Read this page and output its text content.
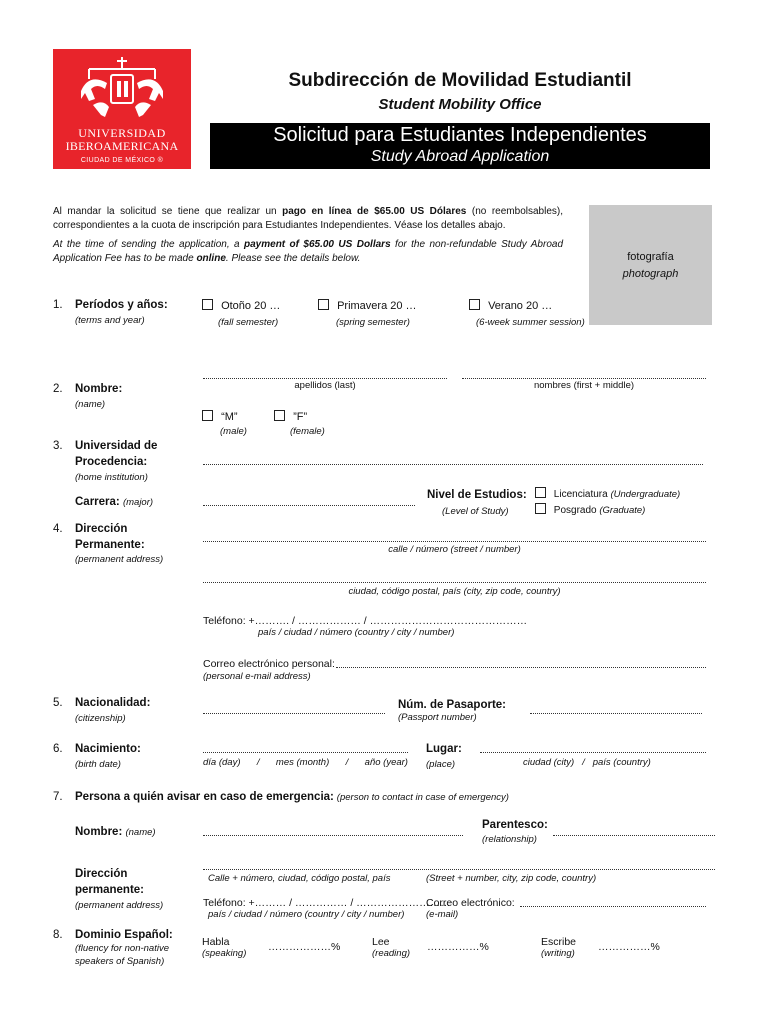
UNIVERSIDAD
IBEROAMERICANA
CIUDAD DE MÉXICO ®
Subdirección de Movilidad Estudiantil
Student Mobility Office
Solicitud para Estudiantes Independientes
Study Abroad Application
Al mandar la solicitud se tiene que realizar un pago en línea de $65.00 US Dólares (no reembolsables), correspondientes a la cuota de inscripción para Estudiantes Independientes. Véase los detalles abajo.
At the time of sending the application, a payment of $65.00 US Dollars for the non-refundable Study Abroad Application Fee has to be made online. Please see the details below.	fotografía
photograph
1. Períodos y años:
(terms and year)
Otoño 20 …
(fall semester)
Primavera 20 …
(spring semester)
Verano 20 …
(6-week summer session)
apellidos (last)	nombres (first + middle)
2. Nombre:
(name)
“M”
(male)
”F”
(female)
3. Universidad de
Procedencia:
(home institution)
Carrera: (major)
Nivel de Estudios:
(Level of Study)
Licenciatura (Undergraduate)
Posgrado (Graduate)
4. Dirección
Permanente:
(permanent address)
calle / número (street / number)
ciudad, código postal, país (city, zip code, country)
Teléfono: +………. / ……………… / ………………………………………
país / ciudad / número (country / city / number)
Correo electrónico personal:
(personal e-mail address)
5. Nacionalidad:
(citizenship)
Núm. de Pasaporte:
(Passport number)
6. Nacimiento:
(birth date)	día (day) / mes (month) / año (year)
Lugar:
(place)	ciudad (city) / país (country)
7. Persona a quién avisar en caso de emergencia: (person to contact in case of emergency)
Nombre: (name)
Parentesco:
(relationship)
Dirección
permanente:
(permanent address)
Calle + número, ciudad, código postal, país	(Street + number, city, zip code, country)
Teléfono: +……… / …………… / ………………………
país / ciudad / número (country / city / number)
Correo electrónico:
(e-mail)
8. Dominio Español:
(fluency for non-native
speakers of Spanish)
Habla
(speaking)
………………%	Lee
(reading)
……………%	Escribe
(writing)
……………%
